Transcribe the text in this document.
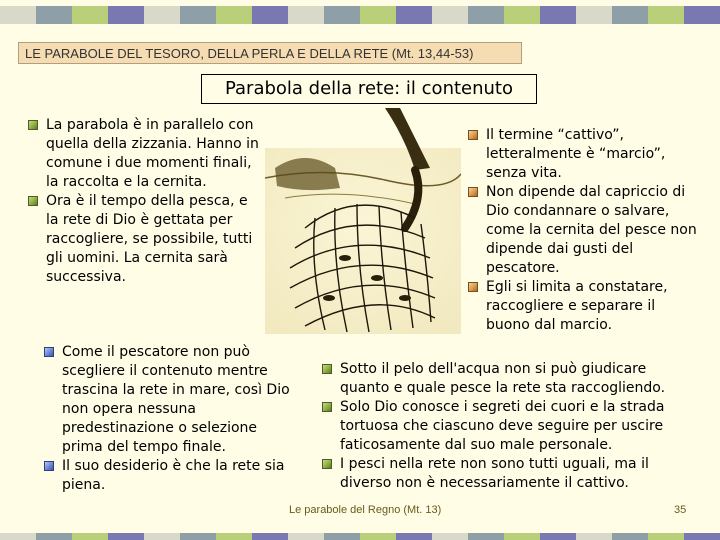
LE PARABOLE DEL TESORO, DELLA PERLA E DELLA RETE (Mt. 13,44-53)
Parabola della rete: il contenuto
La parabola è in parallelo con quella della zizzania. Hanno in comune i due momenti finali, la raccolta e la cernita.
Ora è il tempo della pesca, e la rete di Dio è gettata per raccogliere, se possibile, tutti gli uomini. La cernita sarà successiva.
Il termine “cattivo”, letteralmente è “marcio”, senza vita.
Non dipende dal capriccio di Dio condannare o salvare, come la cernita del pesce non dipende dai gusti del pescatore.
Egli si limita a constatare, raccogliere e separare il buono dal marcio.
Come il pescatore non può scegliere il contenuto mentre trascina la rete in mare, così Dio non opera nessuna predestinazione o selezione prima del tempo finale.
Il suo desiderio è che la rete sia piena.
Sotto il pelo dell'acqua non si può giudicare quanto e quale pesce la rete sta raccogliendo.
Solo Dio conosce i segreti dei cuori e la strada tortuosa che ciascuno deve seguire per uscire faticosamente dal suo male personale.
I pesci nella rete non sono tutti uguali, ma il diverso non è necessariamente il cattivo.
Le parabole del Regno (Mt. 13)	35
